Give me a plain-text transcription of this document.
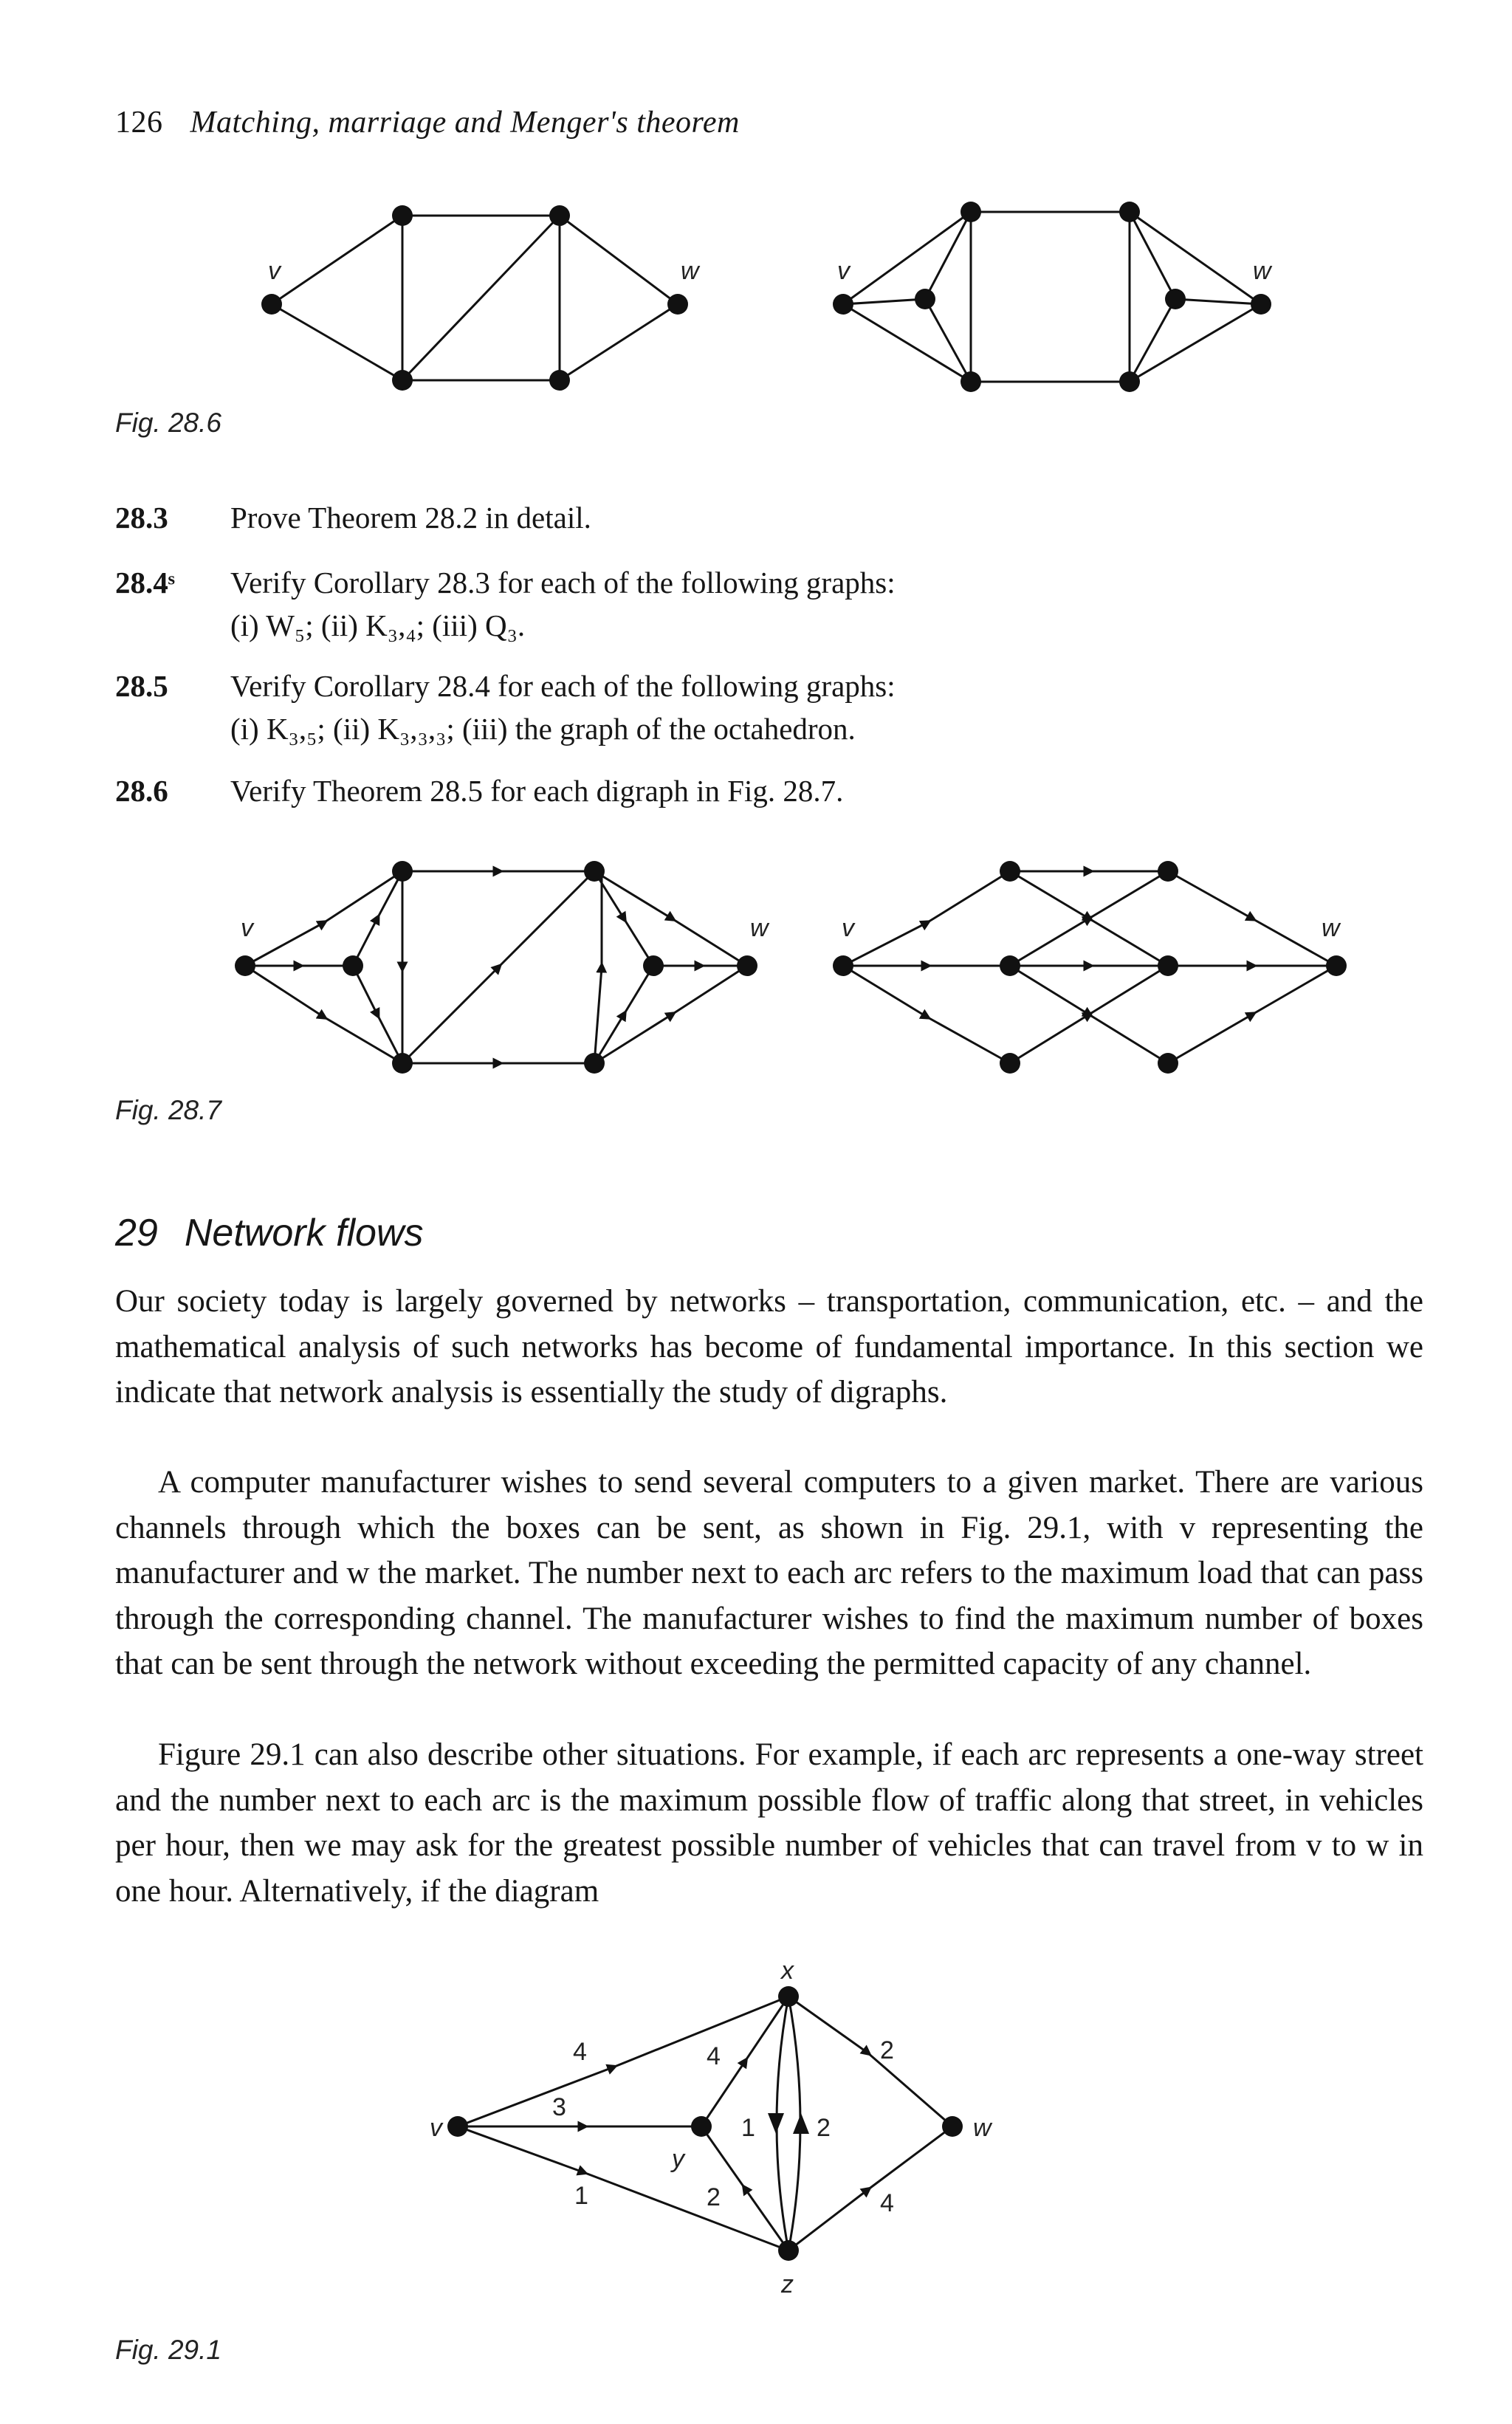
126 Matching, marriage and Menger's theorem
v	w	v	w
Fig. 28.6
28.3	Prove Theorem 28.2 in detail.
28.4ˢ	Verify Corollary 28.3 for each of the following graphs:
(i) W₅; (ii) K₃,₄; (iii) Q₃.
28.5	Verify Corollary 28.4 for each of the following graphs:
(i) K₃,₅; (ii) K₃,₃,₃; (iii) the graph of the octahedron.
28.6	Verify Theorem 28.5 for each digraph in Fig. 28.7.
v	w	v	w
Fig. 28.7
29 Network flows

Our society today is largely governed by networks – transportation, communication, etc. – and the mathematical analysis of such networks has become of fundamental importance. In this section we indicate that network analysis is essentially the study of digraphs.

A computer manufacturer wishes to send several computers to a given market. There are various channels through which the boxes can be sent, as shown in Fig. 29.1, with v representing the manufacturer and w the market. The number next to each arc refers to the maximum load that can pass through the corresponding channel. The manufacturer wishes to find the maximum number of boxes that can be sent through the network without exceeding the permitted capacity of any channel.

Figure 29.1 can also describe other situations. For example, if each arc represents a one-way street and the number next to each arc is the maximum possible flow of traffic along that street, in vehicles per hour, then we may ask for the greatest possible number of vehicles that can travel from v to w in one hour. Alternatively, if the diagram

v	w
x
y
z
4
3
1
4
1 2
2
2
4
Fig. 29.1
